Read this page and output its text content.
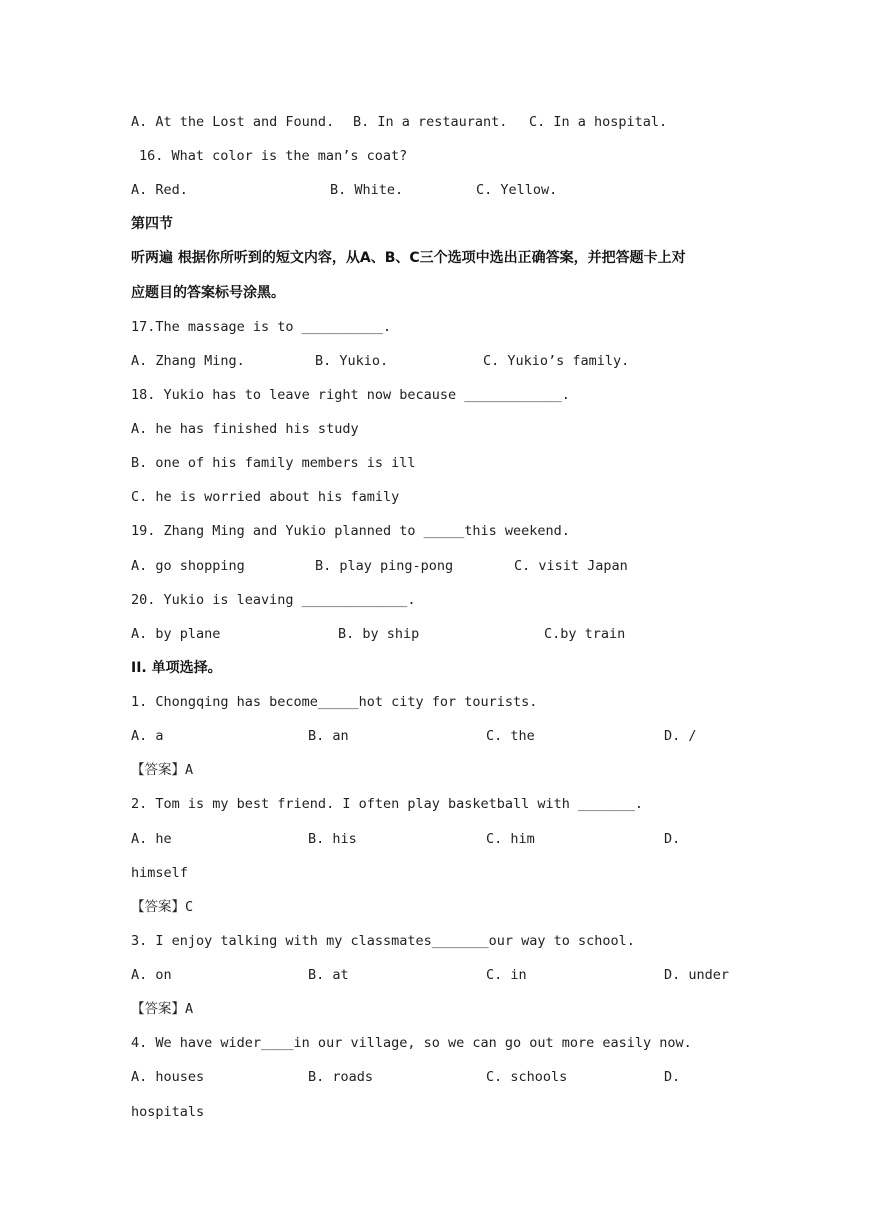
A. At the Lost and Found. B. In a restaurant. C. In a hospital.
16. What color is the man’s coat?
A. Red.	B. White.	C. Yellow.
第四节
听两遍 根据你所听到的短文内容，从A、B、C三个选项中选出正确答案，并把答题卡上对
应题目的答案标号涂黑。
17.The massage is to __________.
A. Zhang Ming.	B. Yukio.	C. Yukio’s family.
18. Yukio has to leave right now because ____________.
A. he has finished his study
B. one of his family members is ill
C. he is worried about his family
19. Zhang Ming and Yukio planned to _____this weekend.
A. go shopping	B. play ping-pong	C. visit Japan
20. Yukio is leaving _____________.
A. by plane	B. by ship	C.by train
II. 单项选择。
1. Chongqing has become_____hot city for tourists.
A. a	B. an	C. the	D. /
【答案】A
2. Tom is my best friend. I often play basketball with _______.
A. he	B. his	C. him	D.
himself
【答案】C
3. I enjoy talking with my classmates_______our way to school.
A. on	B. at	C. in	D. under
【答案】A
4. We have wider____in our village, so we can go out more easily now.
A. houses	B. roads	C. schools	D.
hospitals
